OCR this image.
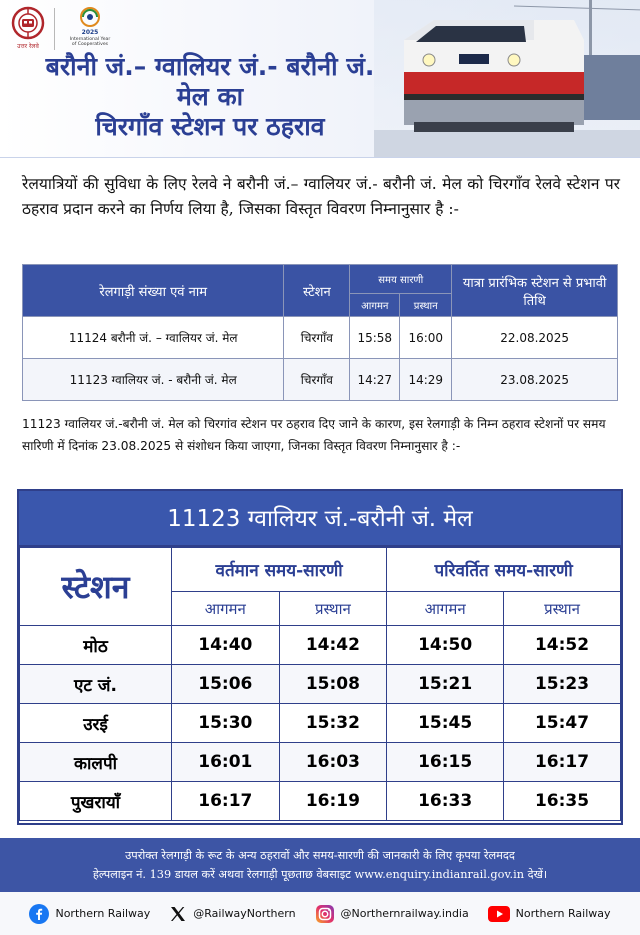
उत्तर रेलवे
2025
International Year
of Cooperatives
बरौनी जं.– ग्वालियर जं.- बरौनी जं.
मेल का
चिरगाँव स्टेशन पर ठहराव
रेलयात्रियों की सुविधा के लिए रेलवे ने बरौनी जं.– ग्वालियर जं.- बरौनी जं. मेल को चिरगाँव रेलवे स्टेशन पर ठहराव प्रदान करने का निर्णय लिया है, जिसका विस्तृत विवरण निम्नानुसार है :-
रेलगाड़ी संख्या एवं नाम	स्टेशन	समय सारणी		यात्रा प्रारंभिक स्टेशन से प्रभावी तिथि
		आगमन	प्रस्थान	
11124 बरौनी जं. – ग्वालियर जं. मेल	चिरगाँव	15:58	16:00	22.08.2025
11123 ग्वालियर जं. - बरौनी जं. मेल	चिरगाँव	14:27	14:29	23.08.2025
11123 ग्वालियर जं.-बरौनी जं. मेल को चिरगांव स्टेशन पर ठहराव दिए जाने के कारण, इस रेलगाड़ी के निम्न ठहराव स्टेशनों पर समय सारिणी में दिनांक 23.08.2025 से संशोधन किया जाएगा, जिनका विस्तृत विवरण निम्नानुसार है :-
11123 ग्वालियर जं.-बरौनी जं. मेल
स्टेशन	वर्तमान समय-सारणी		परिवर्तित समय-सारणी	
	आगमन	प्रस्थान	आगमन	प्रस्थान
मोठ	14:40	14:42	14:50	14:52
एट जं.	15:06	15:08	15:21	15:23
उरई	15:30	15:32	15:45	15:47
कालपी	16:01	16:03	16:15	16:17
पुखरायाँ	16:17	16:19	16:33	16:35
उपरोक्त रेलगाड़ी के रूट के अन्य ठहरावों और समय-सारणी की जानकारी के लिए कृपया रेलमदद
हेल्पलाइन नं. 139 डायल करें अथवा रेलगाड़ी पूछताछ वेबसाइट www.enquiry.indianrail.gov.in देखें।
Northern Railway	@RailwayNorthern	@Northernrailway.india	Northern Railway
